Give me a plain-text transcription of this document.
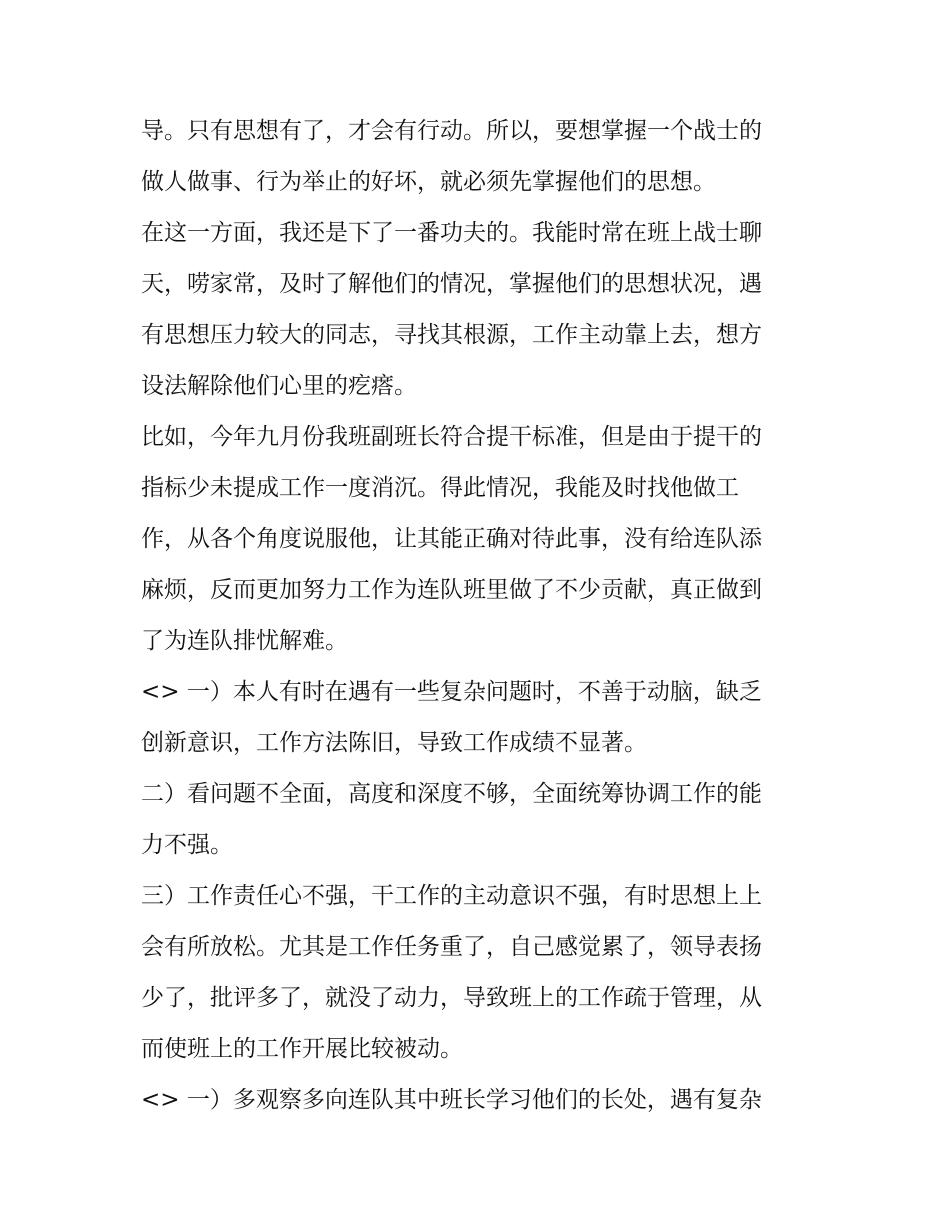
导。只有思想有了，才会有行动。所以，要想掌握一个战士的
做人做事、行为举止的好坏，就必须先掌握他们的思想。

在这一方面，我还是下了一番功夫的。我能时常在班上战士聊
天，唠家常，及时了解他们的情况，掌握他们的思想状况，遇
有思想压力较大的同志，寻找其根源，工作主动靠上去，想方
设法解除他们心里的疙瘩。

比如，今年九月份我班副班长符合提干标准，但是由于提干的
指标少未提成工作一度消沉。得此情况，我能及时找他做工
作，从各个角度说服他，让其能正确对待此事，没有给连队添
麻烦，反而更加努力工作为连队班里做了不少贡献，真正做到
了为连队排忧解难。

<> 一）本人有时在遇有一些复杂问题时，不善于动脑，缺乏
创新意识，工作方法陈旧，导致工作成绩不显著。

二）看问题不全面，高度和深度不够，全面统筹协调工作的能
力不强。

三）工作责任心不强，干工作的主动意识不强，有时思想上上
会有所放松。尤其是工作任务重了，自己感觉累了，领导表扬
少了，批评多了，就没了动力，导致班上的工作疏于管理，从
而使班上的工作开展比较被动。

<> 一）多观察多向连队其中班长学习他们的长处，遇有复杂
